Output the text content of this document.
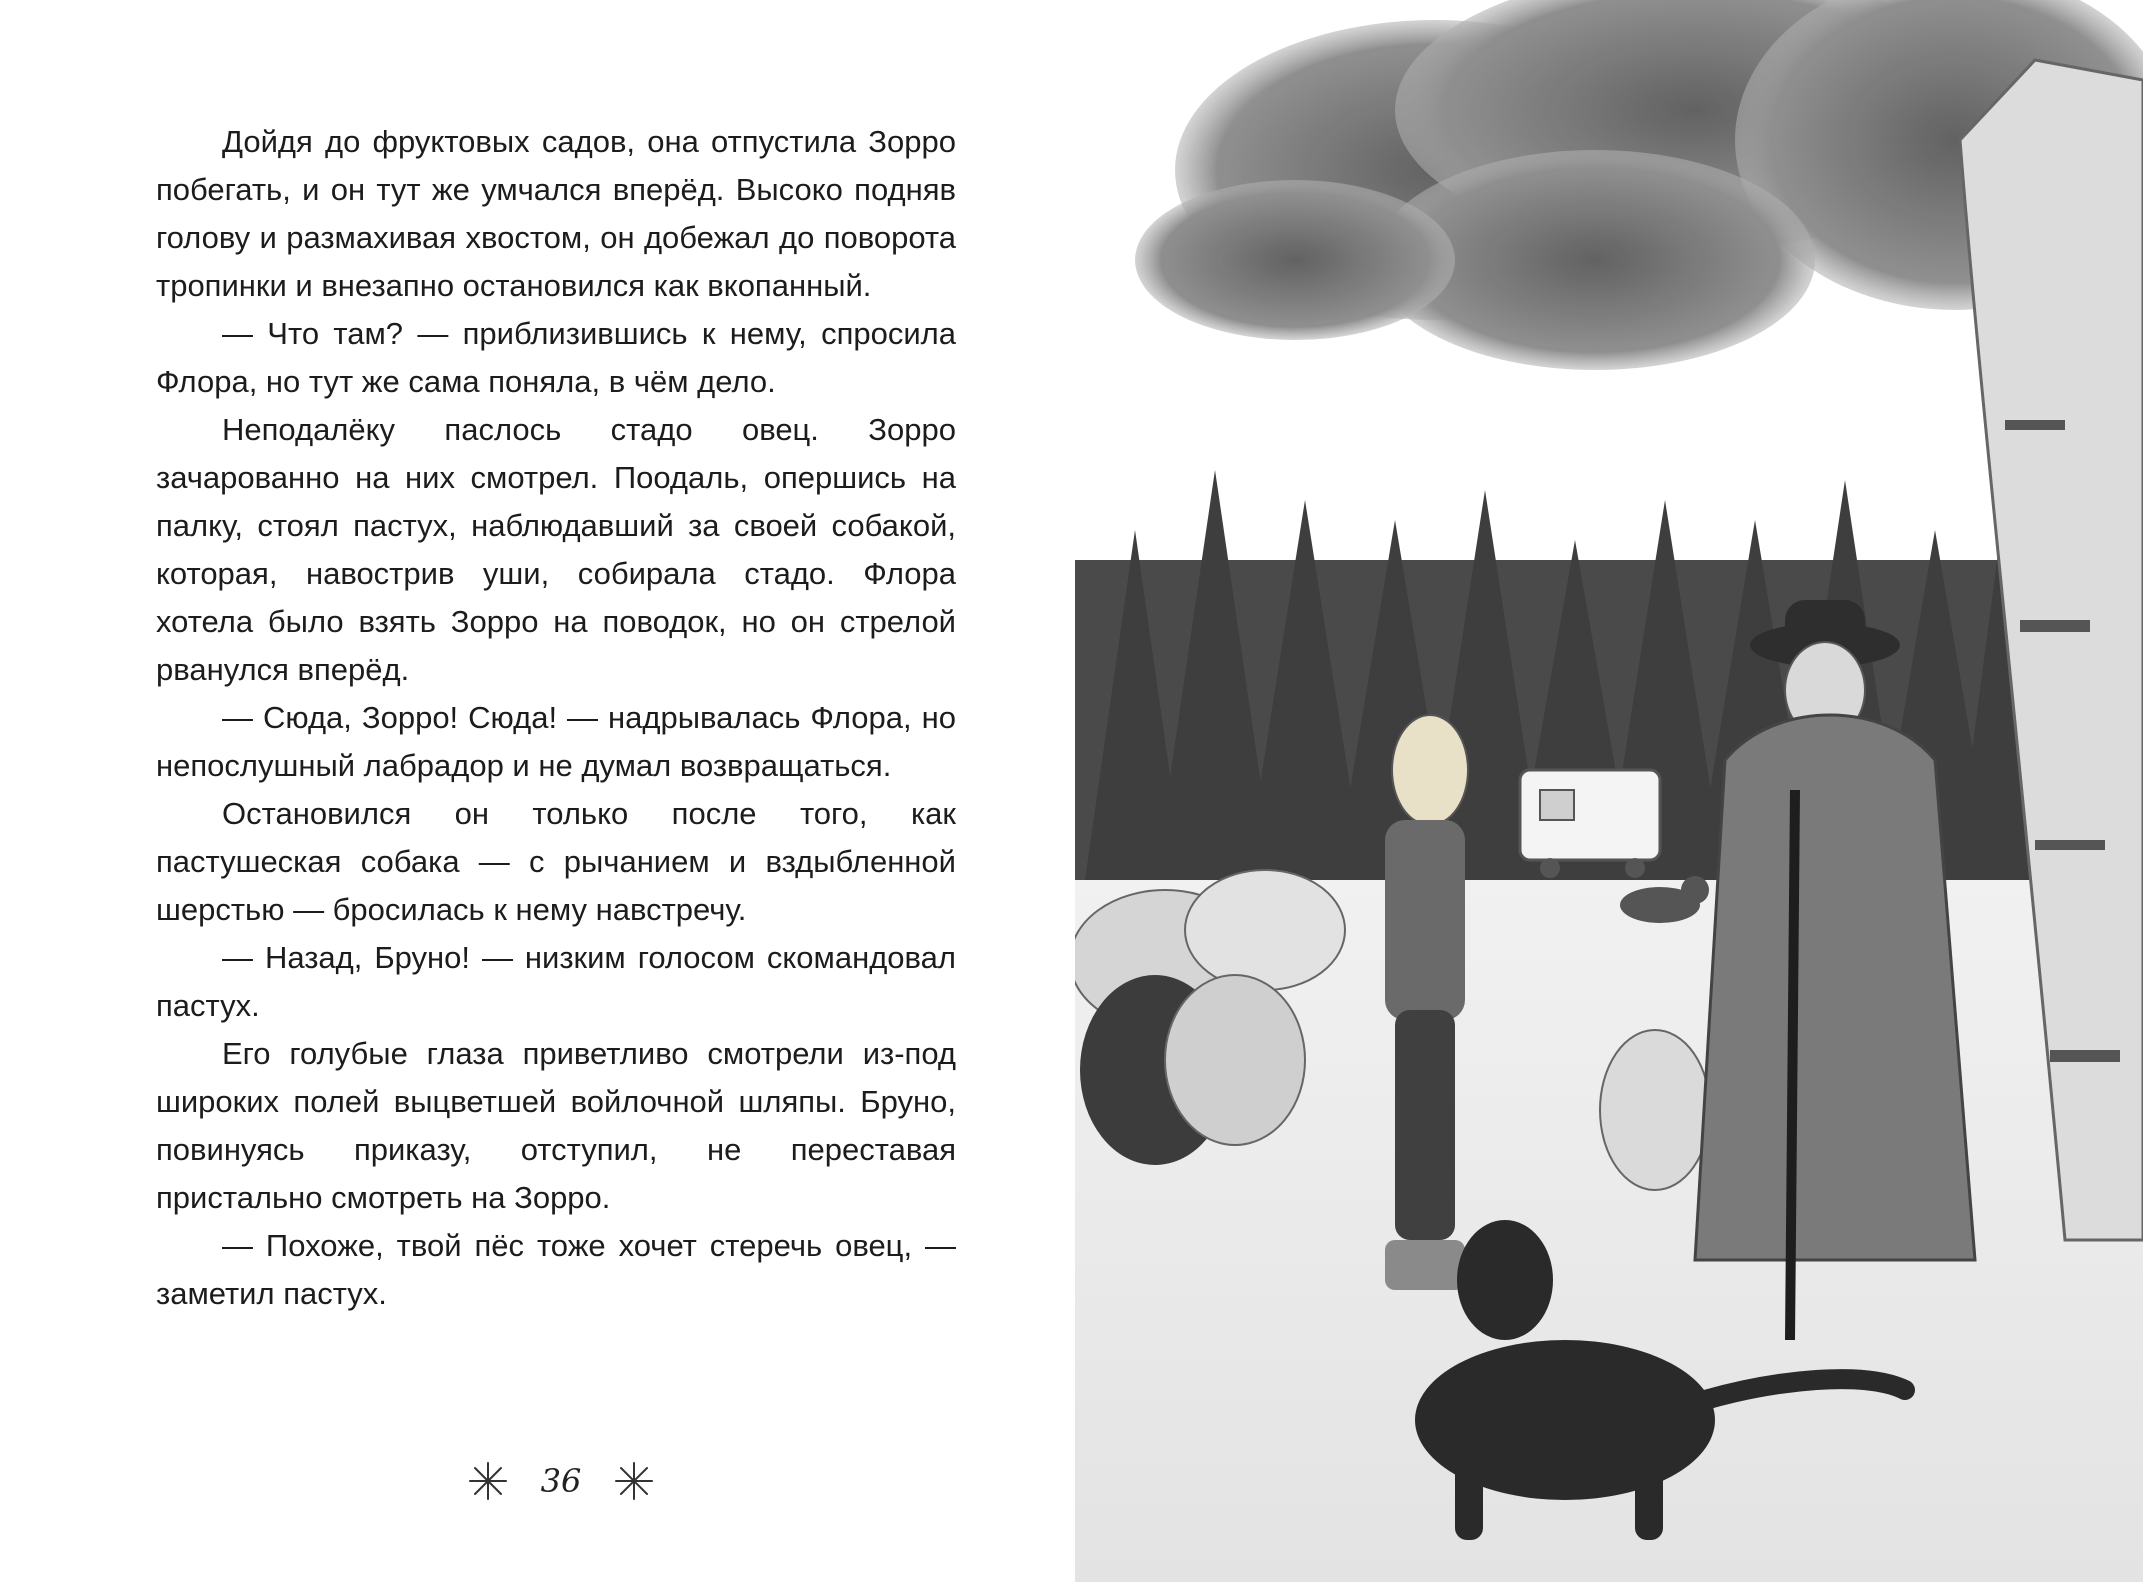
Дойдя до фруктовых садов, она отпустила Зорро побегать, и он тут же умчался вперёд. Высоко подняв голову и размахивая хвостом, он добежал до поворота тропинки и внезапно остановился как вкопанный.

— Что там? — приблизившись к нему, спросила Флора, но тут же сама поняла, в чём дело.

Неподалёку паслось стадо овец. Зорро зачарованно на них смотрел. Поодаль, опершись на палку, стоял пастух, наблюдавший за своей собакой, которая, навострив уши, собирала стадо. Флора хотела было взять Зорро на поводок, но он стрелой рванулся вперёд.

— Сюда, Зорро! Сюда! — надрывалась Флора, но непослушный лабрадор и не думал возвращаться.

Остановился он только после того, как пастушеская собака — с рычанием и вздыбленной шерстью — бросилась к нему навстречу.

— Назад, Бруно! — низким голосом скомандовал пастух.

Его голубые глаза приветливо смотрели из-под широких полей выцветшей войлочной шляпы. Бруно, повинуясь приказу, отступил, не переставая пристально смотреть на Зорро.

— Похоже, твой пёс тоже хочет стеречь овец, — заметил пастух.

36
